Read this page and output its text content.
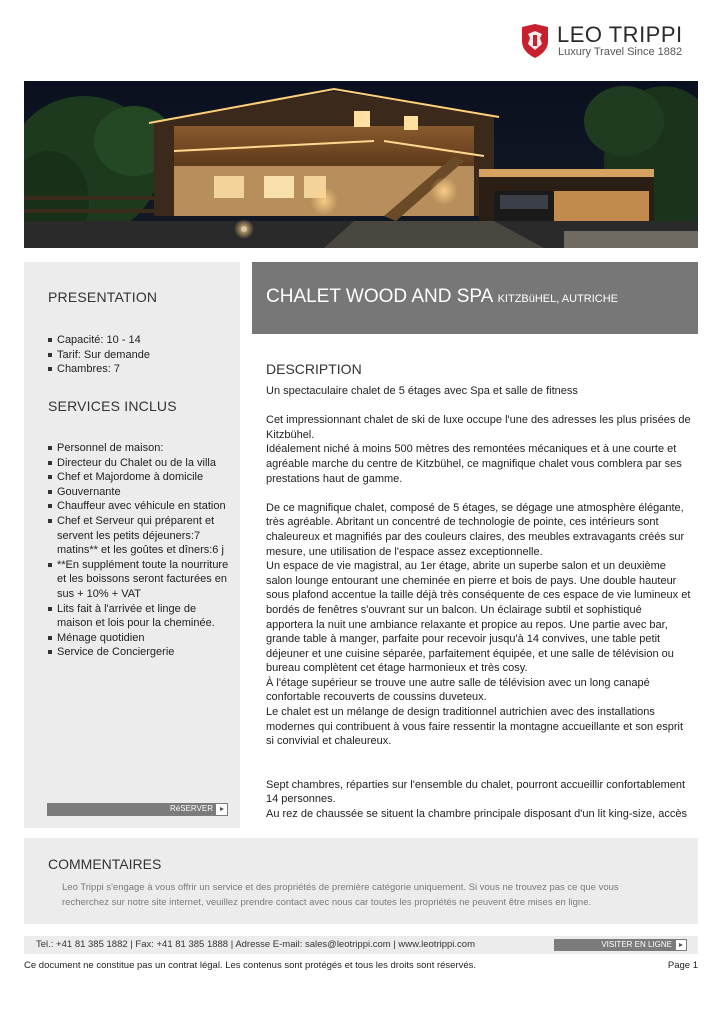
LEO TRIPPI
Luxury Travel Since 1882
PRESENTATION
Capacité: 10 - 14
Tarif: Sur demande
Chambres: 7
SERVICES INCLUS
Personnel de maison:
Directeur du Chalet ou de la villa
Chef et Majordome à domicile
Gouvernante
Chauffeur avec véhicule en station
Chef et Serveur qui préparent et servent les petits déjeuners:7 matins** et les goûtes et dîners:6 j
**En supplément toute la nourriture et les boissons seront facturées en sus + 10% + VAT
Lits fait à l'arrivée et linge de maison et lois pour la cheminée.
Ménage quotidien
Service de Conciergerie
RéSERVER
CHALET WOOD AND SPA KITZBüHEL, AUTRICHE
DESCRIPTION

Un spectaculaire chalet de 5 étages avec Spa et salle de fitness

Cet impressionnant chalet de ski de luxe occupe l'une des adresses les plus prisées de Kitzbühel.
Idéalement niché à moins 500 mètres des remontées mécaniques et à une courte et agréable marche du centre de Kitzbühel, ce magnifique chalet vous comblera par ses prestations haut de gamme.

De ce magnifique chalet, composé de 5 étages, se dégage une atmosphère élégante, très agréable. Abritant un concentré de technologie de pointe, ces intérieurs sont chaleureux et magnifiés par des couleurs claires, des meubles extravagants créés sur mesure, une utilisation de l'espace assez exceptionnelle.
Un espace de vie magistral, au 1er étage, abrite un superbe salon et un deuxième salon lounge entourant une cheminée en pierre et bois de pays. Une double hauteur sous plafond accentue la taille déjà très conséquente de ces espace de vie lumineux et bordés de fenêtres s'ouvrant sur un balcon. Un éclairage subtil et sophistiqué apportera la nuit une ambiance relaxante et propice au repos. Une partie avec bar, grande table à manger, parfaite pour recevoir jusqu'à 14 convives, une table petit déjeuner et une cuisine séparée, parfaitement équipée, et une salle de télévision ou bureau complètent cet étage harmonieux et très cosy.
À l'étage supérieur se trouve une autre salle de télévision avec un long canapé confortable recouverts de coussins duveteux.
Le chalet est un mélange de design traditionnel autrichien avec des installations modernes qui contribuent à vous faire ressentir la montagne accueillante et son esprit si convivial et chaleureux.

Sept chambres, réparties sur l'ensemble du chalet, pourront accueillir confortablement 14 personnes.
Au rez de chaussée se situent la chambre principale disposant d'un lit king-size, accès

COMMENTAIRES
Leo Trippi s'engage à vous offrir un service et des propriétés de première catégorie uniquement. Si vous ne trouvez pas ce que vous recherchez sur notre site internet, veuillez prendre contact avec nous car toutes les propriétés ne peuvent être mises en ligne.
Tel.: +41 81 385 1882 | Fax: +41 81 385 1888 | Adresse E-mail: sales@leotrippi.com | www.leotrippi.com	VISITER EN LIGNE
Ce document ne constitue pas un contrat légal. Les contenus sont protégés et tous les droits sont réservés.	Page 1
